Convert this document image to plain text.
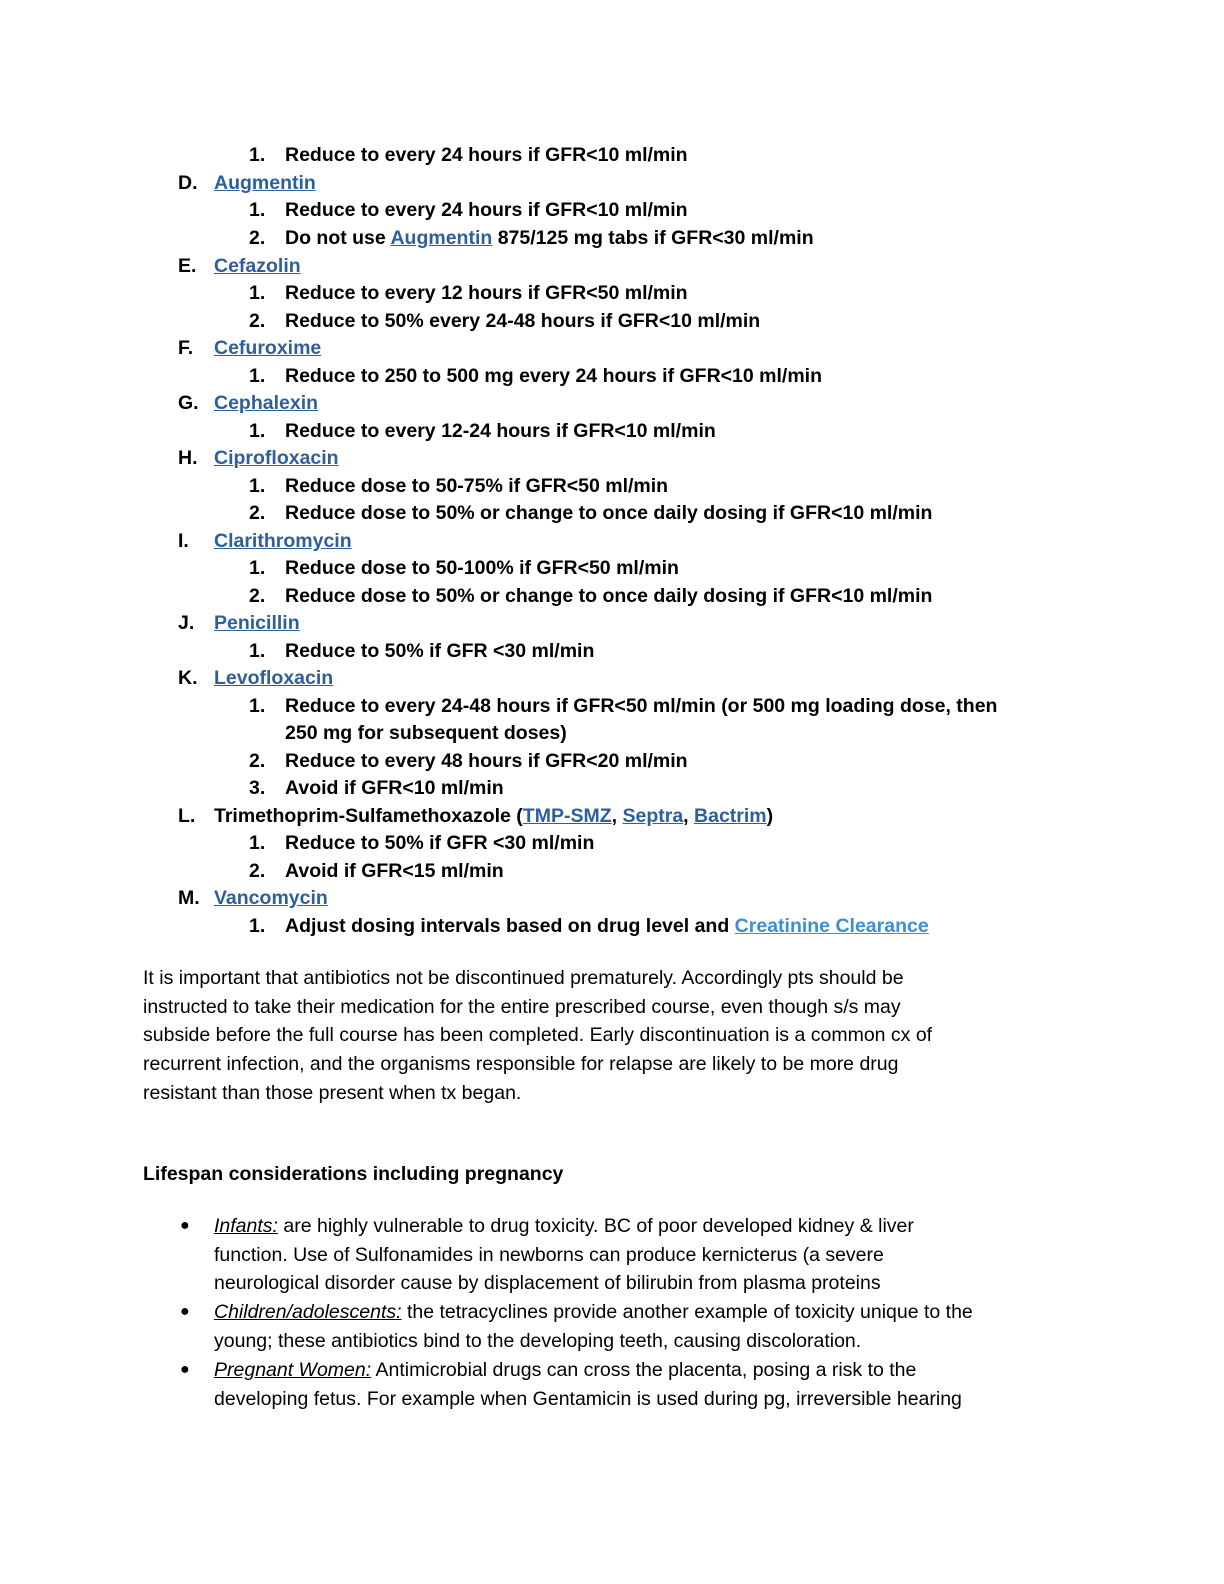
1.	Reduce to every 24 hours if GFR<10 ml/min
D. Augmentin
1.	Reduce to every 24 hours if GFR<10 ml/min
2.	Do not use Augmentin 875/125 mg tabs if GFR<30 ml/min
E. Cefazolin
1.	Reduce to every 12 hours if GFR<50 ml/min
2.	Reduce to 50% every 24-48 hours if GFR<10 ml/min
F.	Cefuroxime
1.	Reduce to 250 to 500 mg every 24 hours if GFR<10 ml/min
G. Cephalexin
1.	Reduce to every 12-24 hours if GFR<10 ml/min
H. Ciprofloxacin
1.	Reduce dose to 50-75% if GFR<50 ml/min
2.	Reduce dose to 50% or change to once daily dosing if GFR<10 ml/min
I.	Clarithromycin
1.	Reduce dose to 50-100% if GFR<50 ml/min
2.	Reduce dose to 50% or change to once daily dosing if GFR<10 ml/min
J.	Penicillin
1.	Reduce to 50% if GFR <30 ml/min
K. Levofloxacin
1.	Reduce to every 24-48 hours if GFR<50 ml/min (or 500 mg loading dose, then
250 mg for subsequent doses)
2.	Reduce to every 48 hours if GFR<20 ml/min
3.	Avoid if GFR<10 ml/min
L. Trimethoprim-Sulfamethoxazole (TMP-SMZ, Septra, Bactrim)
1.	Reduce to 50% if GFR <30 ml/min
2.	Avoid if GFR<15 ml/min
M. Vancomycin
1.	Adjust dosing intervals based on drug level and Creatinine Clearance
It is important that antibiotics not be discontinued prematurely. Accordingly pts should be
instructed to take their medication for the entire prescribed course, even though s/s may
subside before the full course has been completed. Early discontinuation is a common cx of
recurrent infection, and the organisms responsible for relapse are likely to be more drug
resistant than those present when tx began.
Lifespan considerations including pregnancy
● Infants: are highly vulnerable to drug toxicity. BC of poor developed kidney & liver
function. Use of Sulfonamides in newborns can produce kernicterus (a severe
neurological disorder cause by displacement of bilirubin from plasma proteins
● Children/adolescents: the tetracyclines provide another example of toxicity unique to the
young; these antibiotics bind to the developing teeth, causing discoloration.
● Pregnant Women: Antimicrobial drugs can cross the placenta, posing a risk to the
developing fetus. For example when Gentamicin is used during pg, irreversible hearing
